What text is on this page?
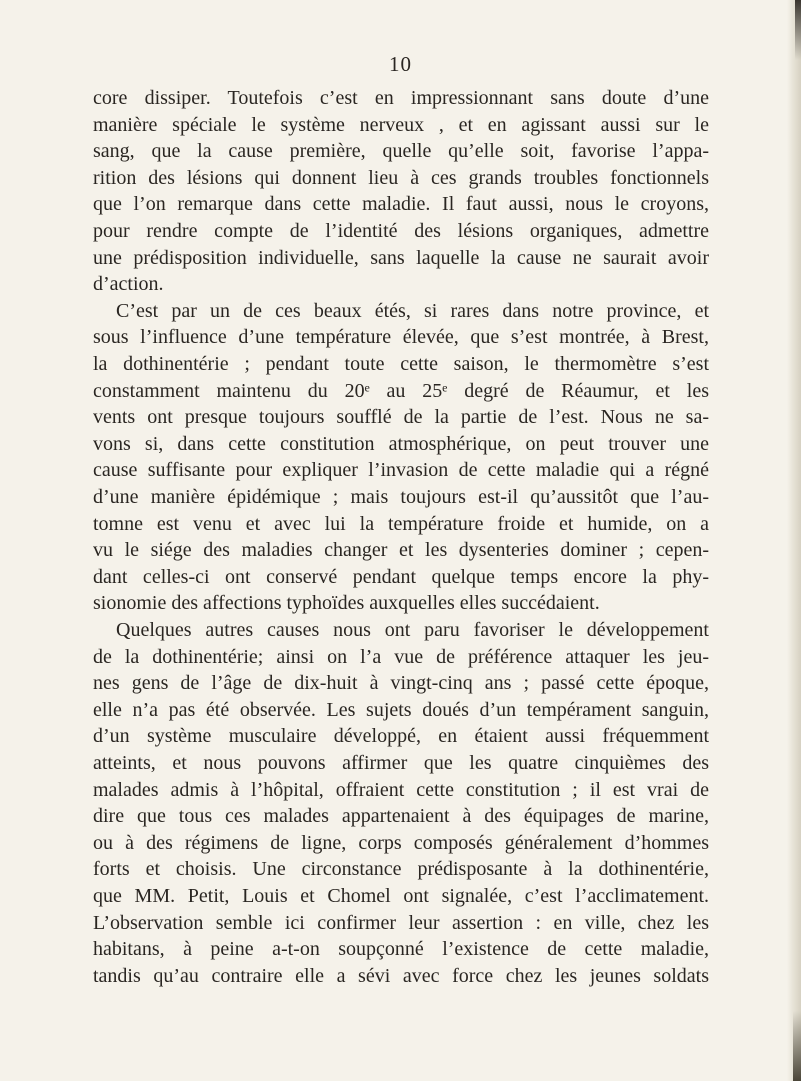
10
core dissiper. Toutefois c’est en impressionnant sans doute d’une
manière spéciale le système nerveux , et en agissant aussi sur le
sang, que la cause première, quelle qu’elle soit, favorise l’appa-
rition des lésions qui donnent lieu à ces grands troubles fonctionnels
que l’on remarque dans cette maladie. Il faut aussi, nous le croyons,
pour rendre compte de l’identité des lésions organiques, admettre
une prédisposition individuelle, sans laquelle la cause ne saurait avoir
d’action.
C’est par un de ces beaux étés, si rares dans notre province, et
sous l’influence d’une température élevée, que s’est montrée, à Brest,
la dothinentérie ; pendant toute cette saison, le thermomètre s’est
constamment maintenu du 20ᵉ au 25ᵉ degré de Réaumur, et les
vents ont presque toujours soufflé de la partie de l’est. Nous ne sa-
vons si, dans cette constitution atmosphérique, on peut trouver une
cause suffisante pour expliquer l’invasion de cette maladie qui a régné
d’une manière épidémique ; mais toujours est-il qu’aussitôt que l’au-
tomne est venu et avec lui la température froide et humide, on a
vu le siége des maladies changer et les dysenteries dominer ; cepen-
dant celles-ci ont conservé pendant quelque temps encore la phy-
sionomie des affections typhoïdes auxquelles elles succédaient.
Quelques autres causes nous ont paru favoriser le développement
de la dothinentérie; ainsi on l’a vue de préférence attaquer les jeu-
nes gens de l’âge de dix-huit à vingt-cinq ans ; passé cette époque,
elle n’a pas été observée. Les sujets doués d’un tempérament sanguin,
d’un système musculaire développé, en étaient aussi fréquemment
atteints, et nous pouvons affirmer que les quatre cinquièmes des
malades admis à l’hôpital, offraient cette constitution ; il est vrai de
dire que tous ces malades appartenaient à des équipages de marine,
ou à des régimens de ligne, corps composés généralement d’hommes
forts et choisis. Une circonstance prédisposante à la dothinentérie,
que MM. Petit, Louis et Chomel ont signalée, c’est l’acclimatement.
L’observation semble ici confirmer leur assertion : en ville, chez les
habitans, à peine a-t-on soupçonné l’existence de cette maladie,
tandis qu’au contraire elle a sévi avec force chez les jeunes soldats
